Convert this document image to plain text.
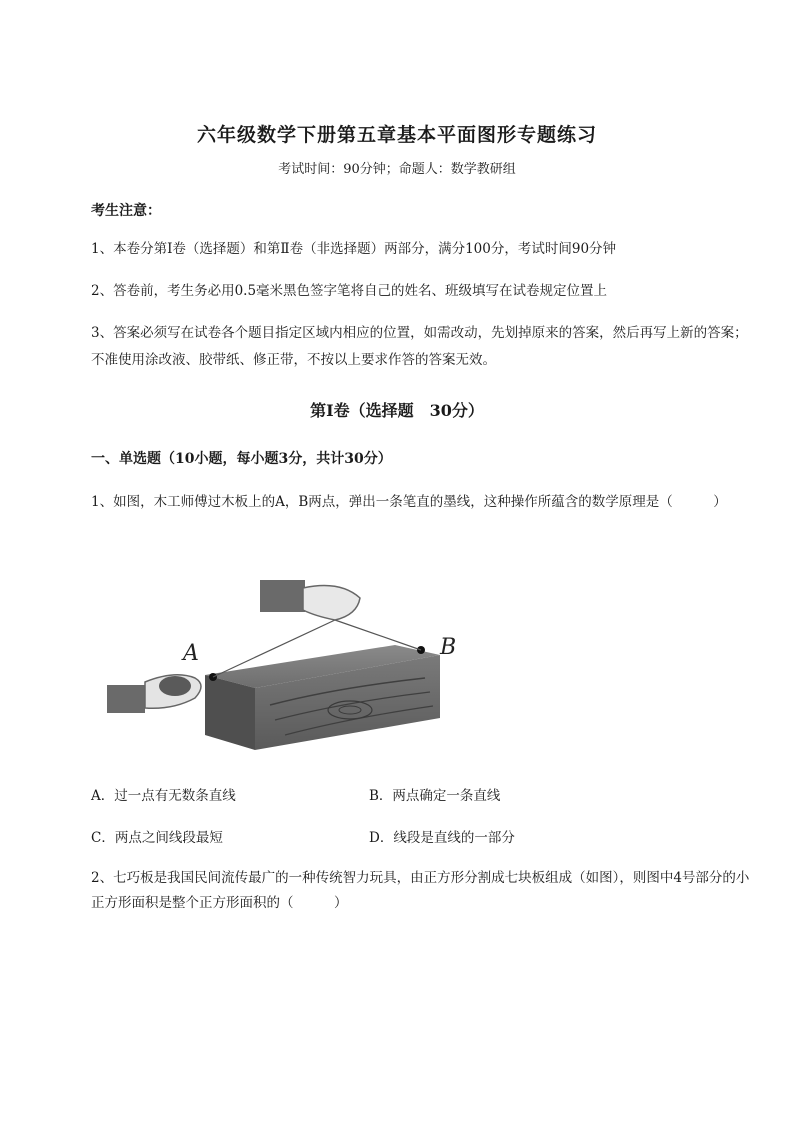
六年级数学下册第五章基本平面图形专题练习
考试时间：90分钟；命题人：数学教研组
考生注意：
1、本卷分第I卷（选择题）和第Ⅱ卷（非选择题）两部分，满分100分，考试时间90分钟
2、答卷前，考生务必用0.5毫米黑色签字笔将自己的姓名、班级填写在试卷规定位置上
3、答案必须写在试卷各个题目指定区域内相应的位置，如需改动，先划掉原来的答案，然后再写上新的答案；不准使用涂改液、胶带纸、修正带，不按以上要求作答的答案无效。
第I卷（选择题　30分）
一、单选题（10小题，每小题3分，共计30分）
1、如图，木工师傅过木板上的A，B两点，弹出一条笔直的墨线，这种操作所蕴含的数学原理是（　　　）
A	B
A．过一点有无数条直线	B．两点确定一条直线
C．两点之间线段最短	D．线段是直线的一部分
2、七巧板是我国民间流传最广的一种传统智力玩具，由正方形分割成七块板组成（如图），则图中4号部分的小正方形面积是整个正方形面积的（　　　）
